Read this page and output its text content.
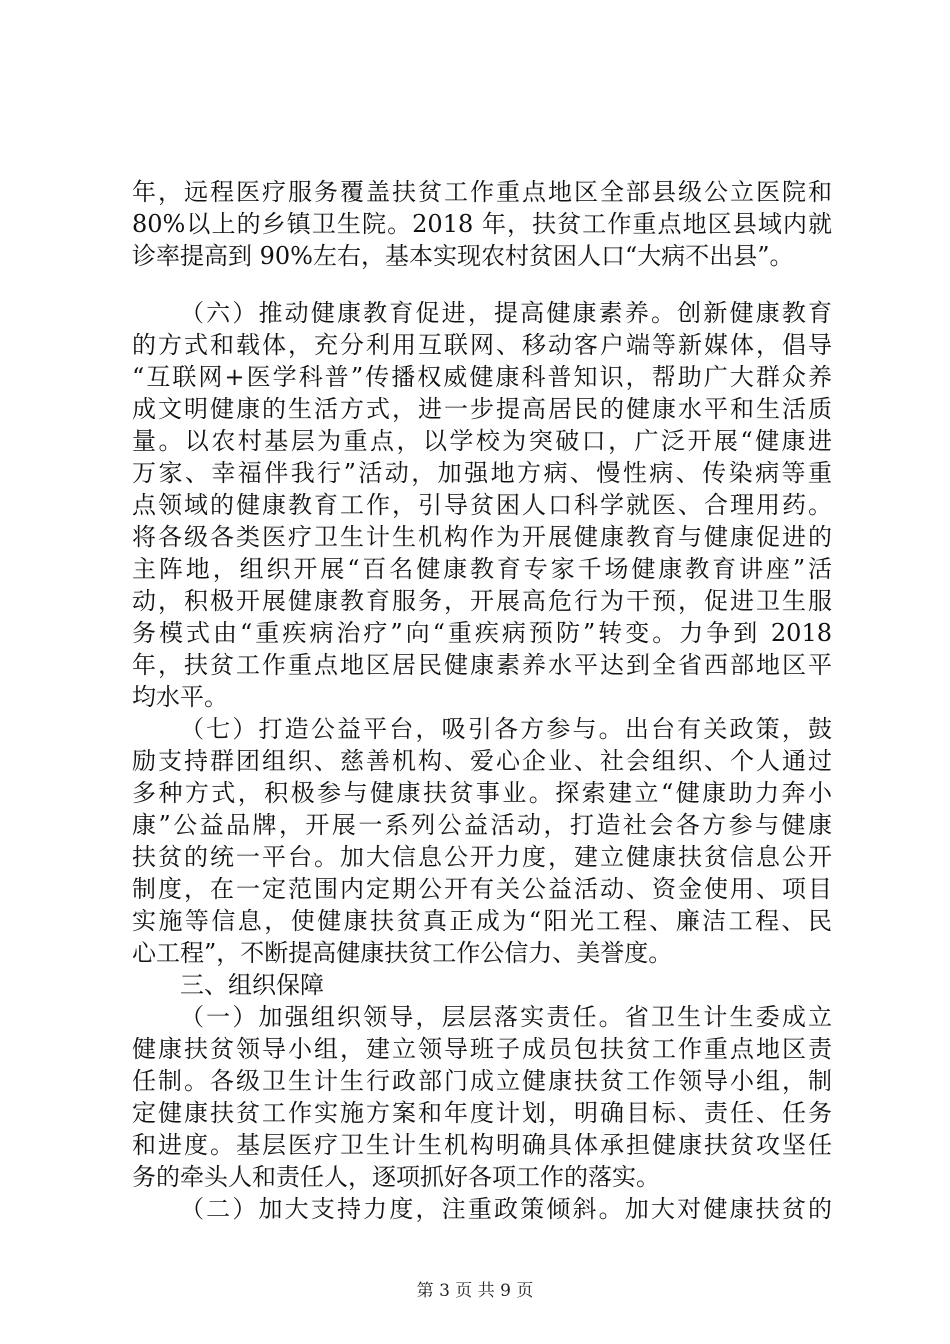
年，远程医疗服务覆盖扶贫工作重点地区全部县级公立医院和
80%以上的乡镇卫生院。2018 年，扶贫工作重点地区县域内就
诊率提高到 90%左右，基本实现农村贫困人口“大病不出县”。
（六）推动健康教育促进，提高健康素养。创新健康教育
的方式和载体，充分利用互联网、移动客户端等新媒体，倡导
“互联网+医学科普”传播权威健康科普知识，帮助广大群众养
成文明健康的生活方式，进一步提高居民的健康水平和生活质
量。以农村基层为重点，以学校为突破口，广泛开展“健康进
万家、幸福伴我行”活动，加强地方病、慢性病、传染病等重
点领域的健康教育工作，引导贫困人口科学就医、合理用药。
将各级各类医疗卫生计生机构作为开展健康教育与健康促进的
主阵地，组织开展“百名健康教育专家千场健康教育讲座”活
动，积极开展健康教育服务，开展高危行为干预，促进卫生服
务模式由“重疾病治疗”向“重疾病预防”转变。力争到 2018
年，扶贫工作重点地区居民健康素养水平达到全省西部地区平
均水平。
（七）打造公益平台，吸引各方参与。出台有关政策，鼓
励支持群团组织、慈善机构、爱心企业、社会组织、个人通过
多种方式，积极参与健康扶贫事业。探索建立“健康助力奔小
康”公益品牌，开展一系列公益活动，打造社会各方参与健康
扶贫的统一平台。加大信息公开力度，建立健康扶贫信息公开
制度，在一定范围内定期公开有关公益活动、资金使用、项目
实施等信息，使健康扶贫真正成为“阳光工程、廉洁工程、民
心工程”，不断提高健康扶贫工作公信力、美誉度。
三、组织保障
（一）加强组织领导，层层落实责任。省卫生计生委成立
健康扶贫领导小组，建立领导班子成员包扶贫工作重点地区责
任制。各级卫生计生行政部门成立健康扶贫工作领导小组，制
定健康扶贫工作实施方案和年度计划，明确目标、责任、任务
和进度。基层医疗卫生计生机构明确具体承担健康扶贫攻坚任
务的牵头人和责任人，逐项抓好各项工作的落实。
（二）加大支持力度，注重政策倾斜。加大对健康扶贫的
第 3 页 共 9 页
